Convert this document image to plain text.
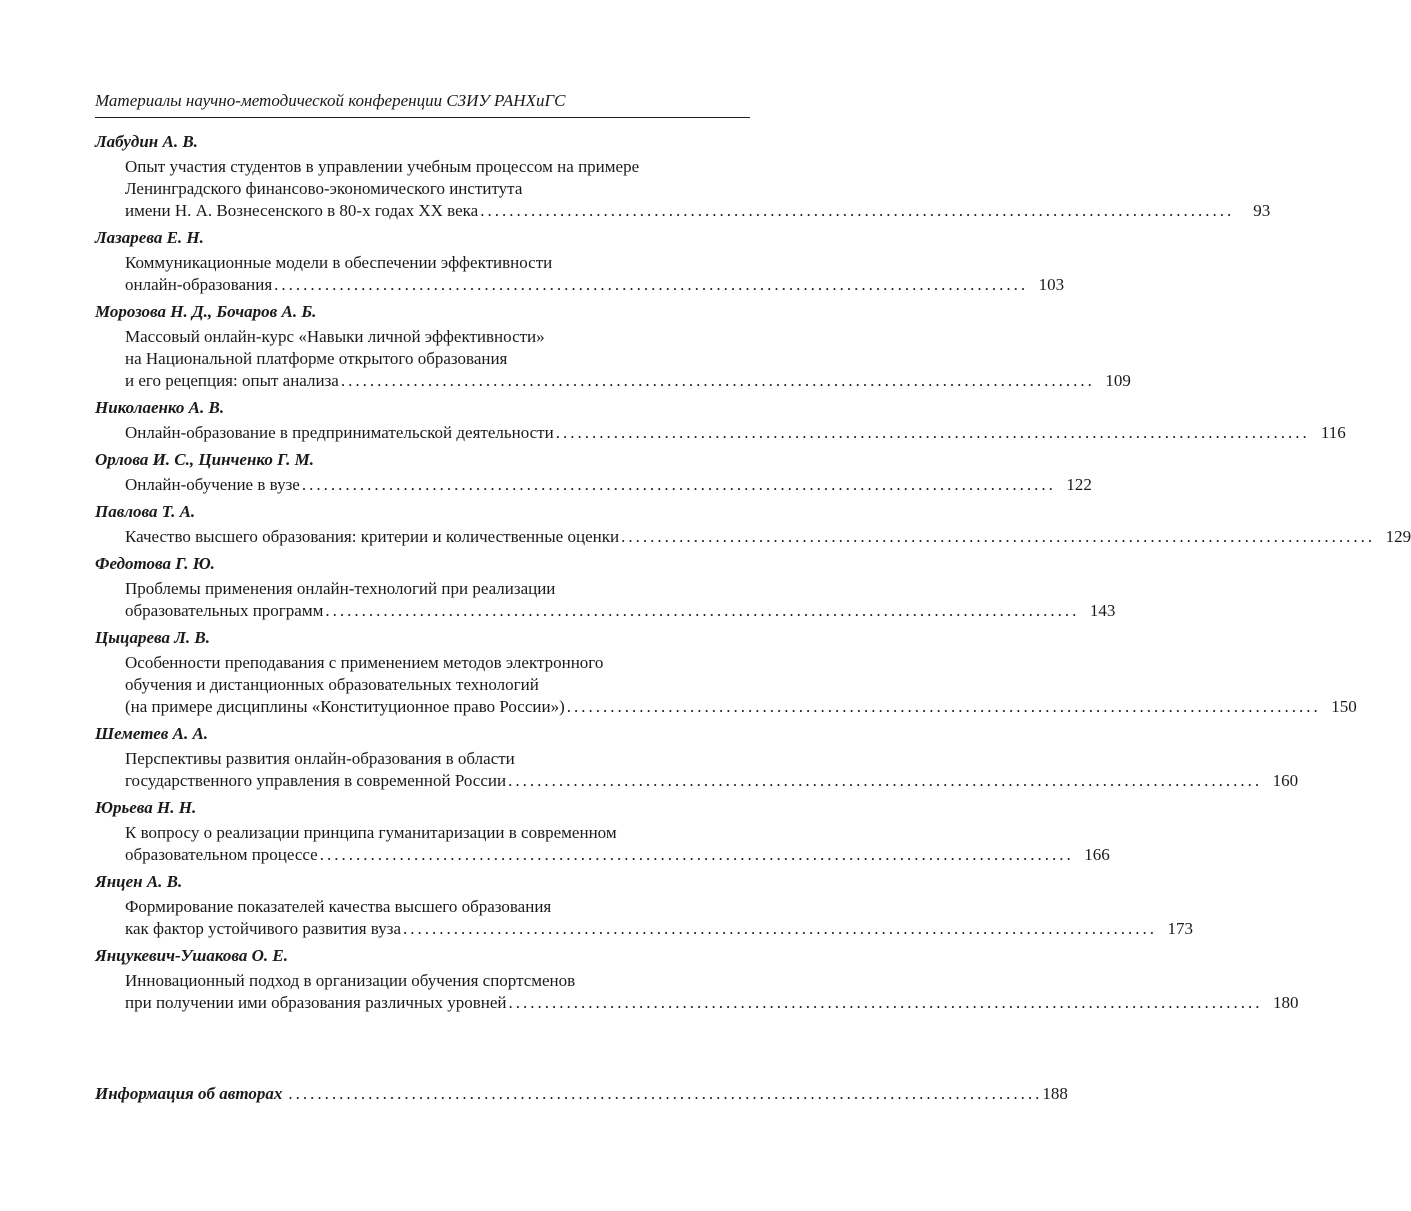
Материалы научно-методической конференции СЗИУ РАНХиГС
Лабудин А. В.
Опыт участия студентов в управлении учебным процессом на примере
Ленинградского финансово-экономического института
имени Н. А. Вознесенского в 80-х годах XX века ........................................................................................................	93
Лазарева Е. Н.
Коммуникационные модели в обеспечении эффективности
онлайн-образования ........................................................................................................ 103
Морозова Н. Д., Бочаров А. Б.
Массовый онлайн-курс «Навыки личной эффективности»
на Национальной платформе открытого образования
и его рецепция: опыт анализа ........................................................................................................ 109
Николаенко А. В.
Онлайн-образование в предпринимательской деятельности ........................................................................................................ 116
Орлова И. С., Цинченко Г. М.
Онлайн-обучение в вузе ........................................................................................................ 122
Павлова Т. А.
Качество высшего образования: критерии и количественные оценки ........................................................................................................ 129
Федотова Г. Ю.
Проблемы применения онлайн-технологий при реализации
образовательных программ ........................................................................................................ 143
Цыцарева Л. В.
Особенности преподавания с применением методов электронного
обучения и дистанционных образовательных технологий
(на примере дисциплины «Конституционное право России») ........................................................................................................ 150
Шеметев А. А.
Перспективы развития онлайн-образования в области
государственного управления в современной России ........................................................................................................ 160
Юрьева Н. Н.
К вопросу о реализации принципа гуманитаризации в современном
образовательном процессе ........................................................................................................ 166
Янцен А. В.
Формирование показателей качества высшего образования
как фактор устойчивого развития вуза ........................................................................................................ 173
Янцукевич-Ушакова О. Е.
Инновационный подход в организации обучения спортсменов
при получении ими образования различных уровней ........................................................................................................ 180
Информация об авторах ........................................................................................................ 188
